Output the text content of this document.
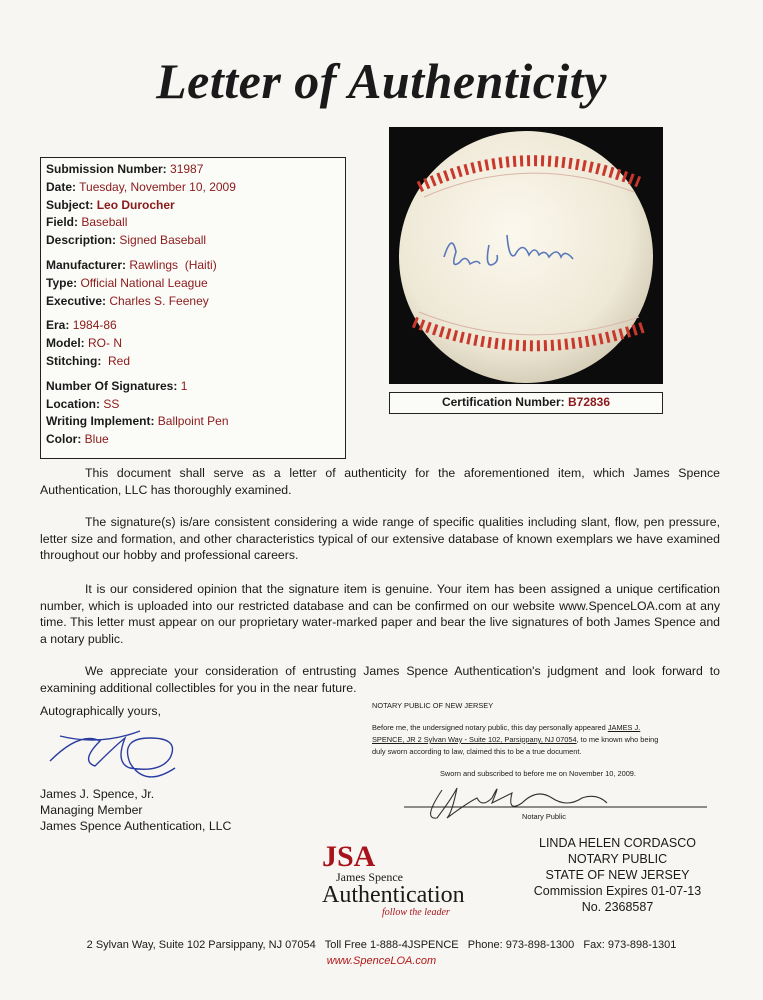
Letter of Authenticity
Submission Number: 31987
Date: Tuesday, November 10, 2009
Subject: Leo Durocher
Field: Baseball
Description: Signed Baseball
Manufacturer: Rawlings  (Haiti)
Type: Official National League
Executive: Charles S. Feeney
Era: 1984-86
Model: RO- N
Stitching: Red
Number Of Signatures: 1
Location: SS
Writing Implement: Ballpoint Pen
Color: Blue
Certification Number: B72836
This document shall serve as a letter of authenticity for the aforementioned item, which James Spence Authentication, LLC has thoroughly examined.
The signature(s) is/are consistent considering a wide range of specific qualities including slant, flow, pen pressure, letter size and formation, and other characteristics typical of our extensive database of known exemplars we have examined throughout our hobby and professional careers.
It is our considered opinion that the signature item is genuine. Your item has been assigned a unique certification number, which is uploaded into our restricted database and can be confirmed on our website www.SpenceLOA.com at any time. This letter must appear on our proprietary water-marked paper and bear the live signatures of both James Spence and a notary public.
We appreciate your consideration of entrusting James Spence Authentication's judgment and look forward to examining additional collectibles for you in the near future.
Autographically yours,
James J. Spence, Jr.
Managing Member
James Spence Authentication, LLC
NOTARY PUBLIC OF NEW JERSEY
Before me, the undersigned notary public, this day personally appeared JAMES J. SPENCE, JR 2 Sylvan Way - Suite 102, Parsippany, NJ 07054, to me known who being duly sworn according to law, claimed this to be a true document.
Sworn and subscribed to before me on November 10, 2009.
Notary Public
LINDA HELEN CORDASCO
NOTARY PUBLIC
STATE OF NEW JERSEY
Commission Expires 01-07-13
No. 2368587
JSA
James Spence
Authentication
follow the leader
2 Sylvan Way, Suite 102 Parsippany, NJ 07054 Toll Free 1-888-4JSPENCE Phone: 973-898-1300 Fax: 973-898-1301
www.SpenceLOA.com
